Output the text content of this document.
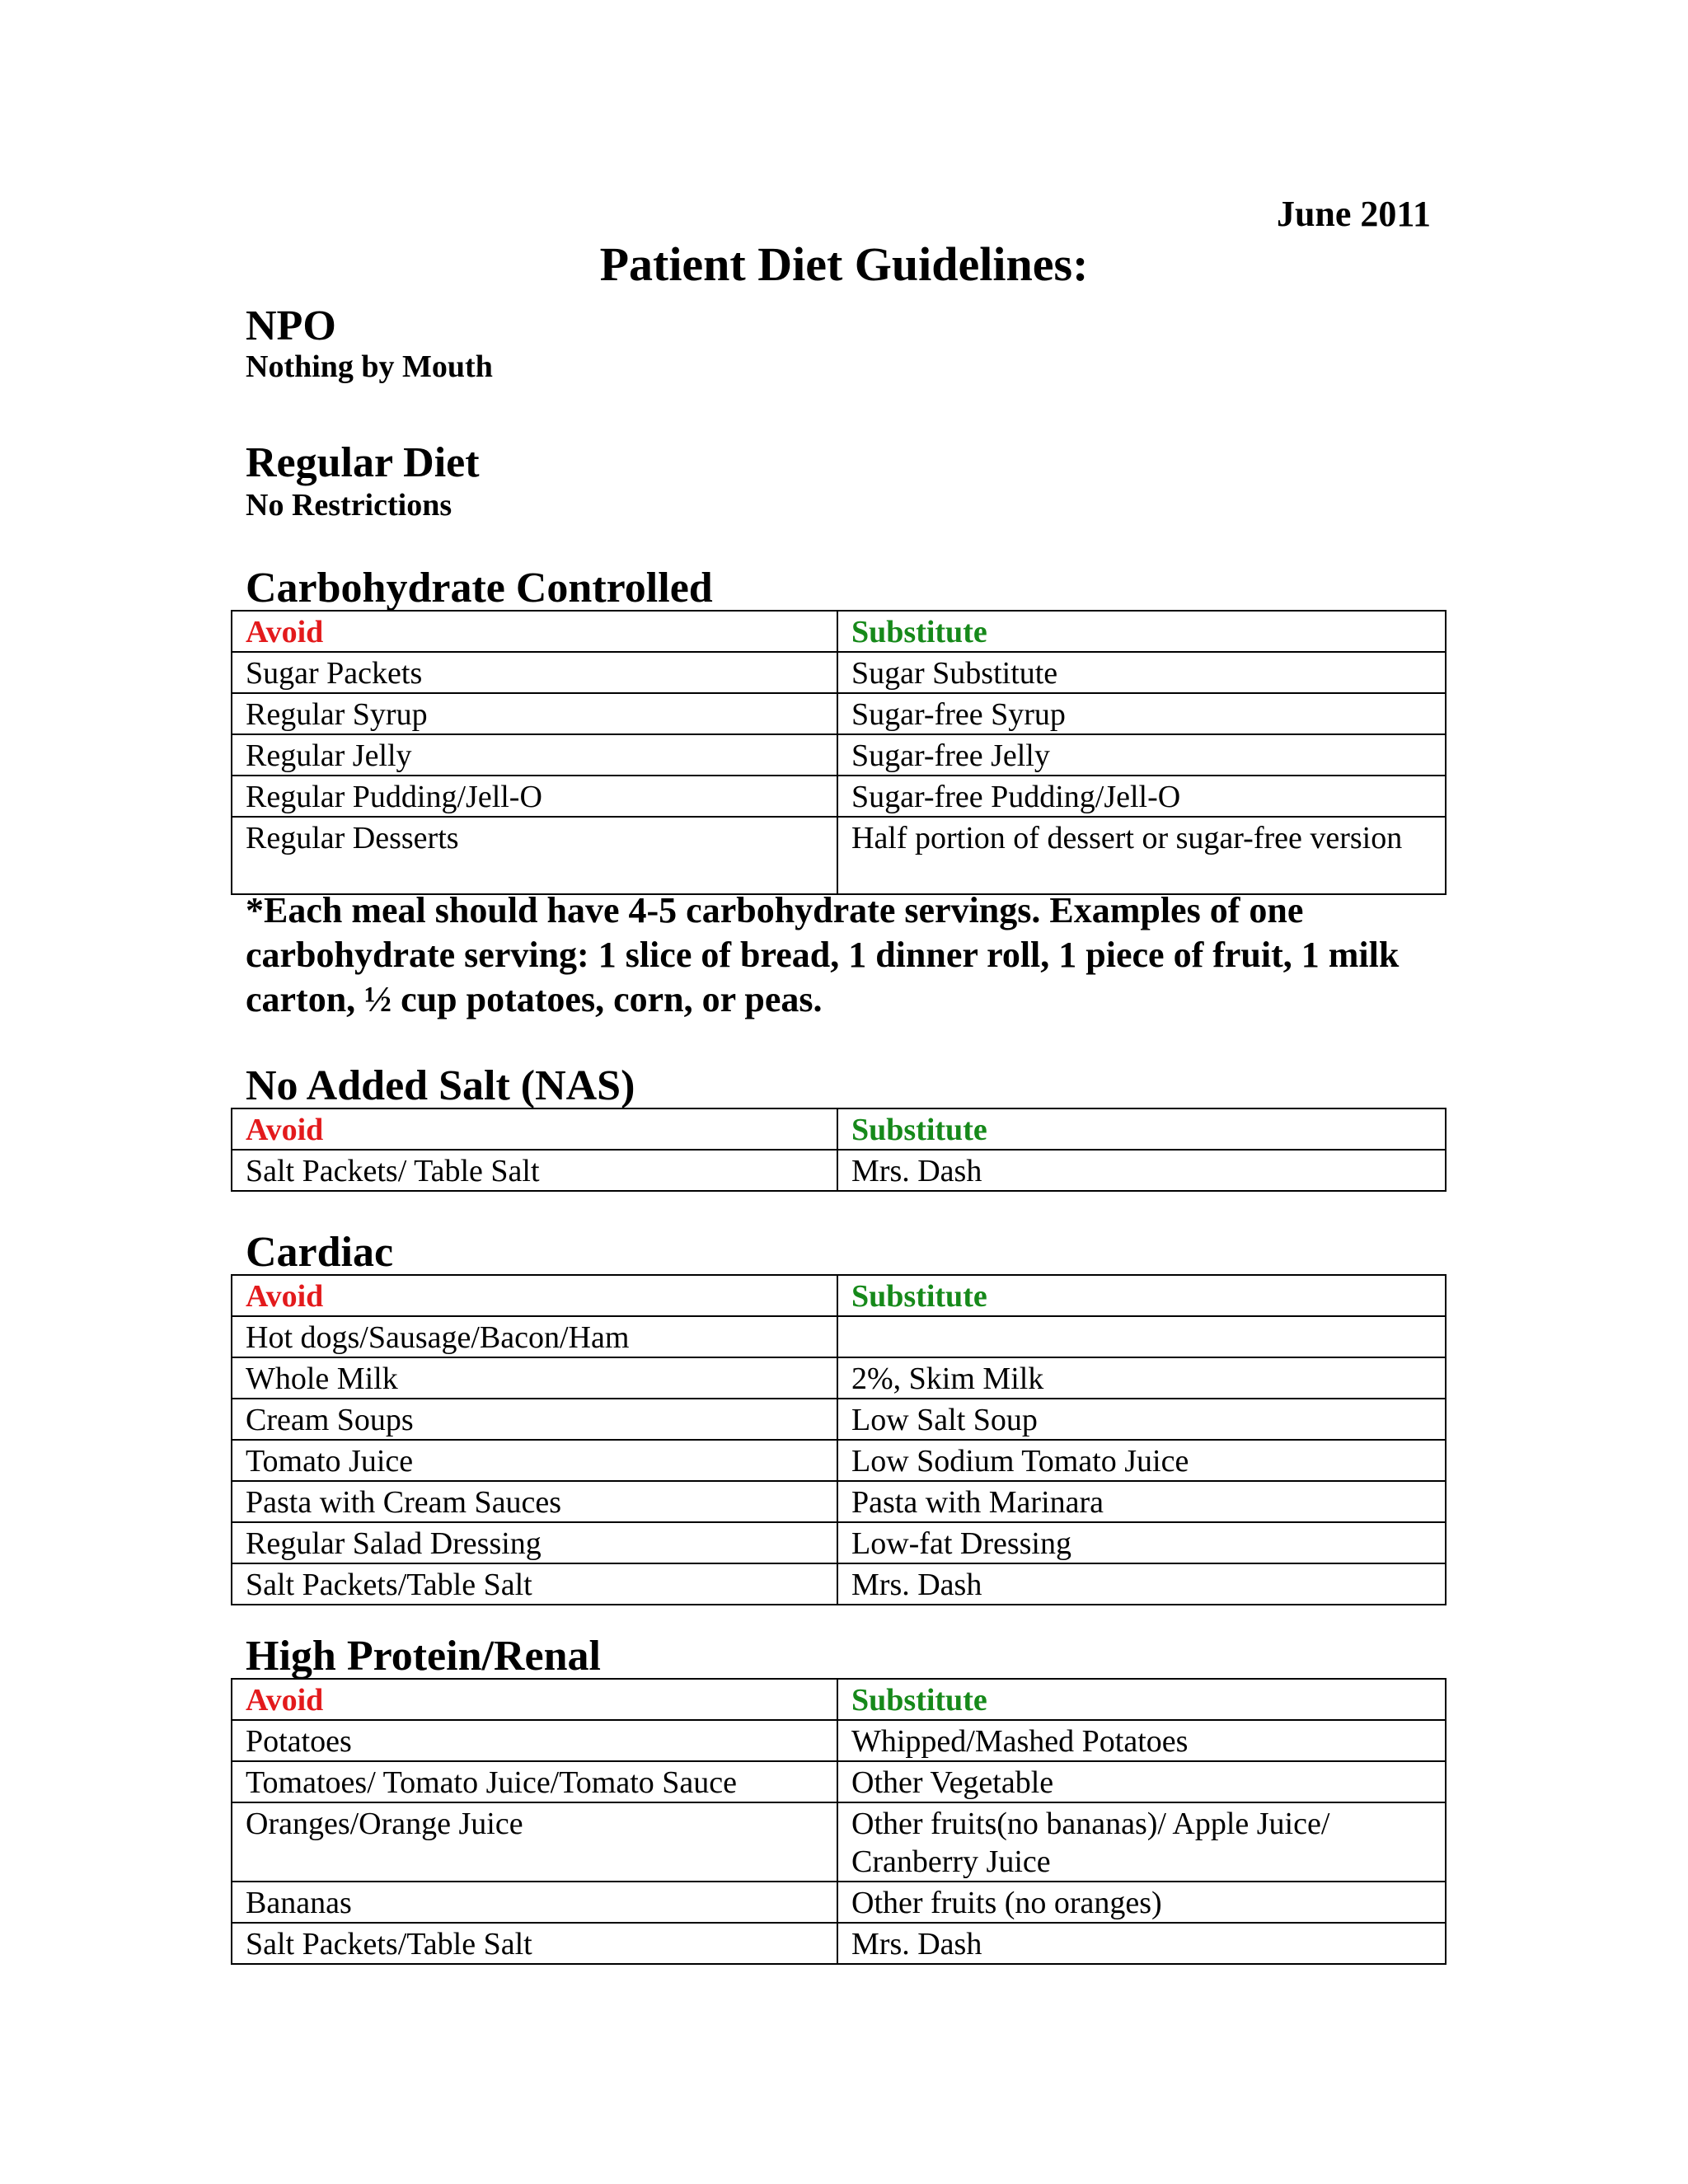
June 2011
Patient Diet Guidelines:
NPO
Nothing by Mouth
Regular Diet
No Restrictions
Carbohydrate Controlled
Avoid	Substitute
Sugar Packets	Sugar Substitute
Regular Syrup	Sugar-free Syrup
Regular Jelly	Sugar-free Jelly
Regular Pudding/Jell-O	Sugar-free Pudding/Jell-O
Regular Desserts	Half portion of dessert or sugar-free version
*Each meal should have 4-5 carbohydrate servings. Examples of one carbohydrate serving: 1 slice of bread, 1 dinner roll, 1 piece of fruit, 1 milk carton, ½ cup potatoes, corn, or peas.
No Added Salt (NAS)
Avoid	Substitute
Salt Packets/ Table Salt	Mrs. Dash
Cardiac
Avoid	Substitute
Hot dogs/Sausage/Bacon/Ham	
Whole Milk	2%, Skim Milk
Cream Soups	Low Salt Soup
Tomato Juice	Low Sodium Tomato Juice
Pasta with Cream Sauces	Pasta with Marinara
Regular Salad Dressing	Low-fat Dressing
Salt Packets/Table Salt	Mrs. Dash
High Protein/Renal
Avoid	Substitute
Potatoes	Whipped/Mashed Potatoes
Tomatoes/ Tomato Juice/Tomato Sauce	Other Vegetable
Oranges/Orange Juice	Other fruits(no bananas)/ Apple Juice/ Cranberry Juice
Bananas	Other fruits (no oranges)
Salt Packets/Table Salt	Mrs. Dash
